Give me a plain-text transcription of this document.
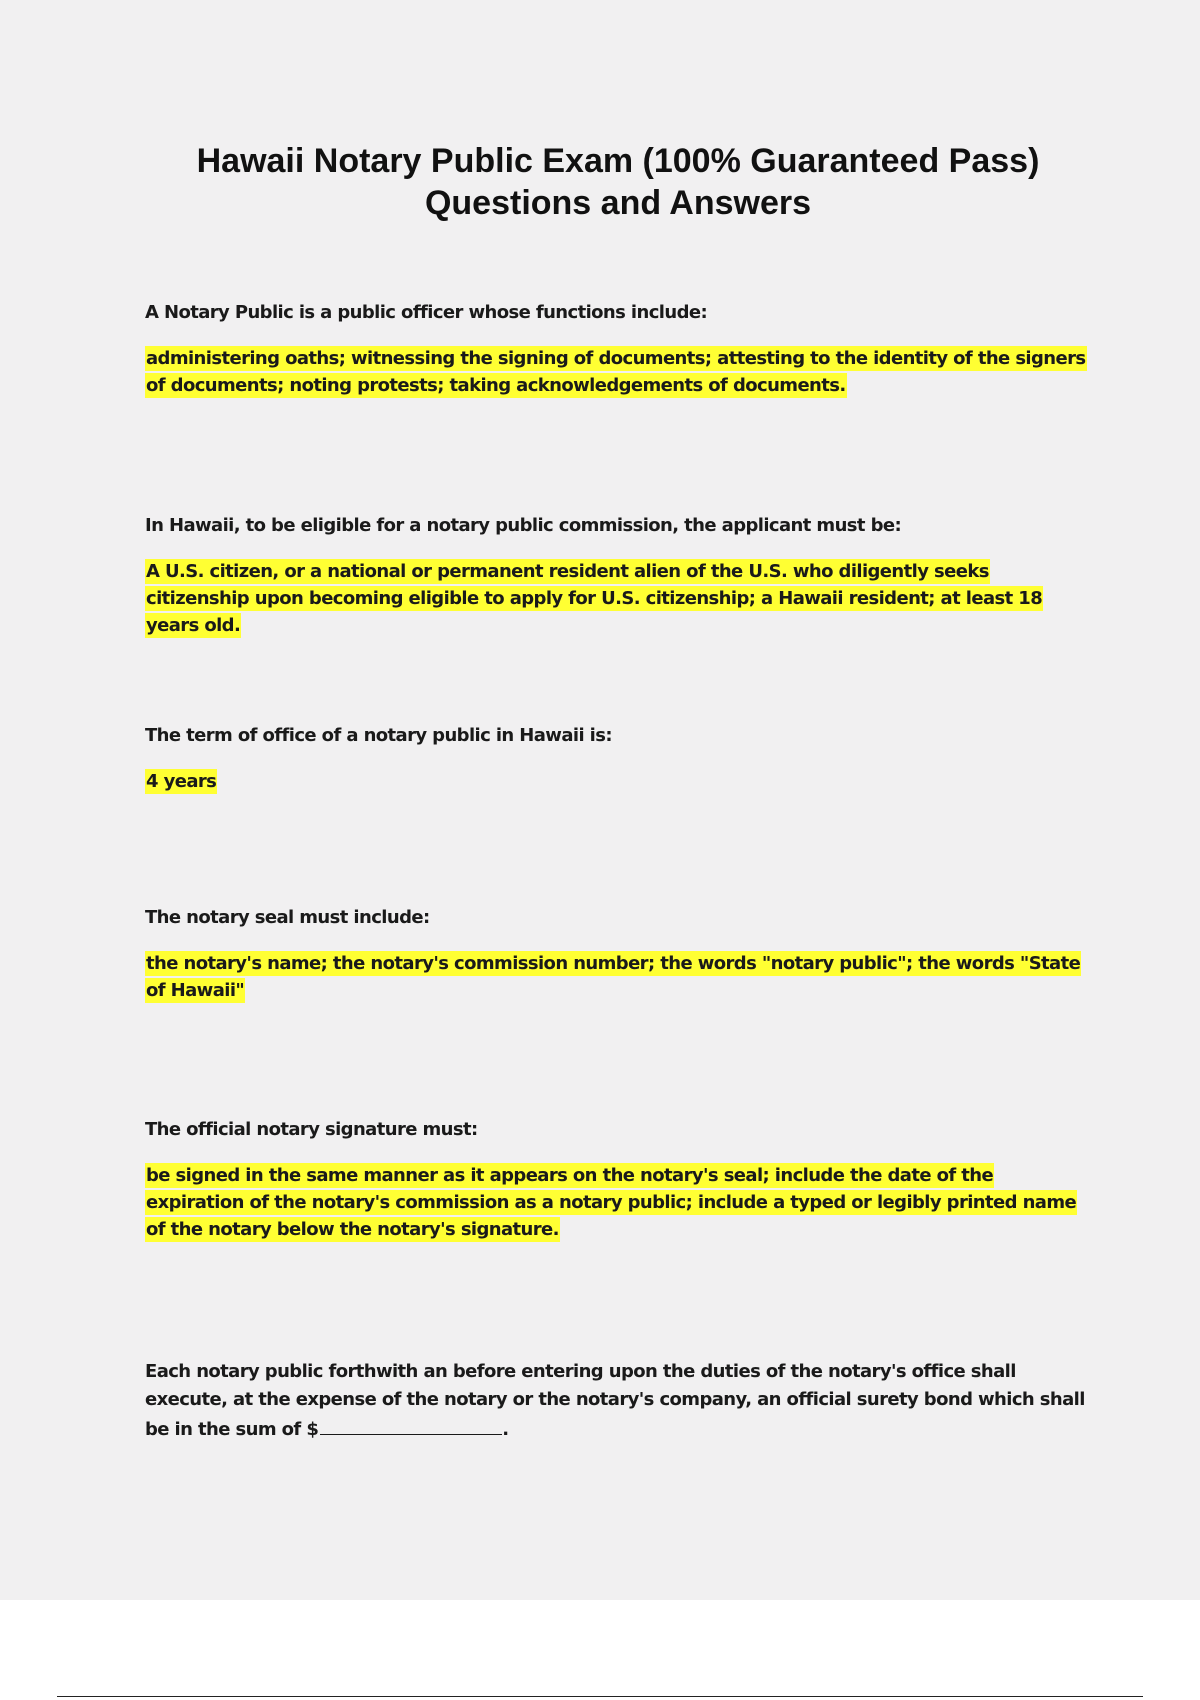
Hawaii Notary Public Exam (100% Guaranteed Pass)
Questions and Answers

A Notary Public is a public officer whose functions include:

administering oaths; witnessing the signing of documents; attesting to the identity of the signers of documents; noting protests; taking acknowledgements of documents.

In Hawaii, to be eligible for a notary public commission, the applicant must be:

A U.S. citizen, or a national or permanent resident alien of the U.S. who diligently seeks citizenship upon becoming eligible to apply for U.S. citizenship; a Hawaii resident; at least 18 years old.

The term of office of a notary public in Hawaii is:

4 years

The notary seal must include:

the notary's name; the notary's commission number; the words "notary public"; the words "State of Hawaii"

The official notary signature must:

be signed in the same manner as it appears on the notary's seal; include the date of the expiration of the notary's commission as a notary public; include a typed or legibly printed name of the notary below the notary's signature.

Each notary public forthwith an before entering upon the duties of the notary's office shall execute, at the expense of the notary or the notary's company, an official surety bond which shall be in the sum of $	.
